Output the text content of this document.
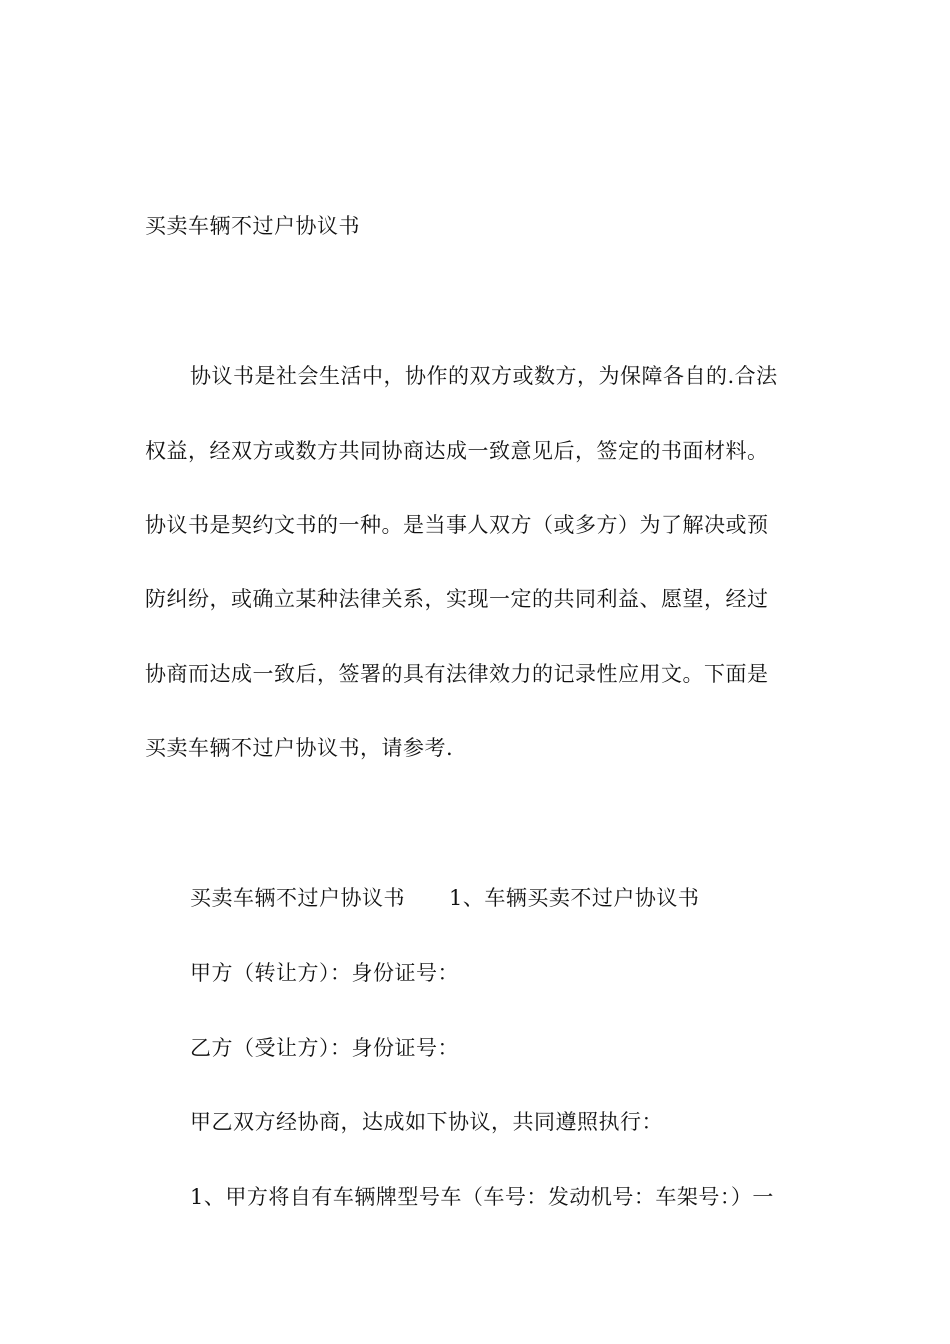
买卖车辆不过户协议书
协议书是社会生活中，协作的双方或数方，为保障各自的.合法
权益，经双方或数方共同协商达成一致意见后，签定的书面材料。
协议书是契约文书的一种。是当事人双方（或多方）为了解决或预
防纠纷，或确立某种法律关系，实现一定的共同利益、愿望，经过
协商而达成一致后，签署的具有法律效力的记录性应用文。下面是
买卖车辆不过户协议书，请参考.
买卖车辆不过户协议书 1、车辆买卖不过户协议书
甲方（转让方）：身份证号：
乙方（受让方）：身份证号：
甲乙双方经协商，达成如下协议，共同遵照执行：
1、甲方将自有车辆牌型号车（车号：发动机号：车架号：）一
